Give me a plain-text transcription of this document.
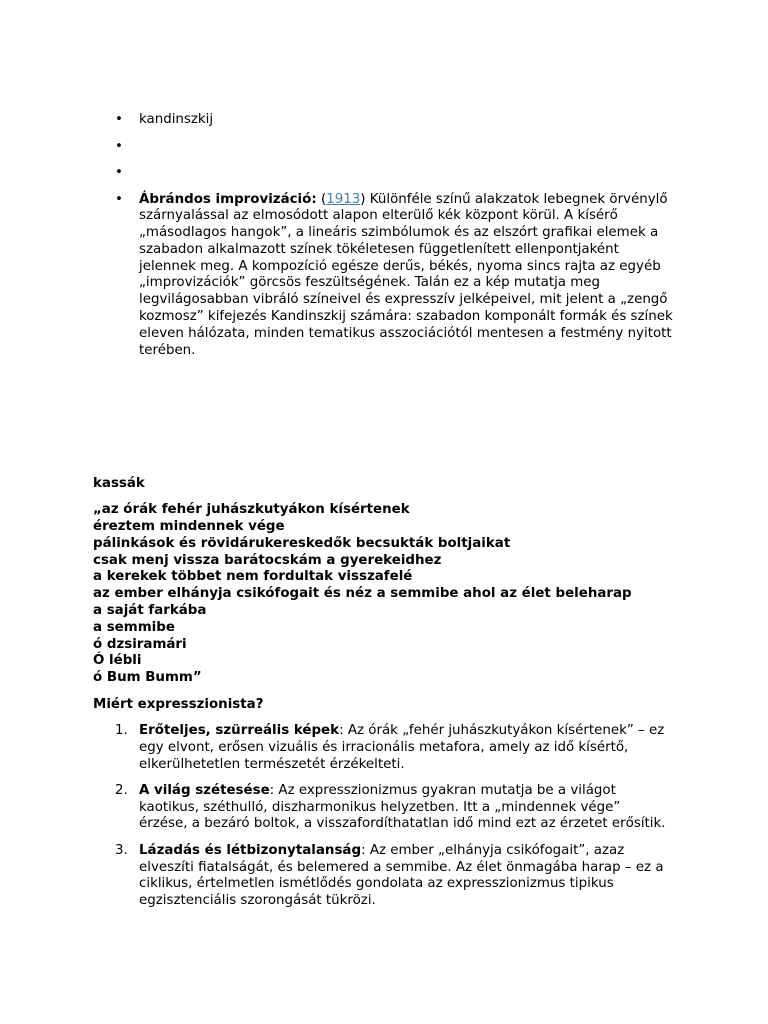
• kandinszkij
•
•
• Ábrándos improvizáció: (1913) Különféle színű alakzatok lebegnek örvénylő szárnyalással az elmosódott alapon elterülő kék központ körül. A kísérő „másodlagos hangok”, a lineáris szimbólumok és az elszórt grafikai elemek a szabadon alkalmazott színek tökéletesen függetlenített ellenpontjaként jelennek meg. A kompozíció egésze derűs, békés, nyoma sincs rajta az egyéb „improvizációk” görcsös feszültségének. Talán ez a kép mutatja meg legvilágosabban vibráló színeivel és expresszív jelképeivel, mit jelent a „zengő kozmosz” kifejezés Kandinszkij számára: szabadon komponált formák és színek eleven hálózata, minden tematikus asszociációtól mentesen a festmény nyitott terében.
kassák
„az órák fehér juhászkutyákon kísértenek
éreztem mindennek vége
pálinkások és rövidárukereskedők becsukták boltjaikat
csak menj vissza barátocskám a gyerekeidhez
a kerekek többet nem fordultak visszafelé
az ember elhányja csikófogait és néz a semmibe ahol az élet beleharap
a saját farkába
a semmibe
ó dzsiramári
Ó lébli
ó Bum Bumm”
Miért expresszionista?
1. Erőteljes, szürreális képek: Az órák „fehér juhászkutyákon kísértenek” – ez egy elvont, erősen vizuális és irracionális metafora, amely az idő kísértő, elkerülhetetlen természetét érzékelteti.
2. A világ szétesése: Az expresszionizmus gyakran mutatja be a világot kaotikus, széthulló, diszharmonikus helyzetben. Itt a „mindennek vége” érzése, a bezáró boltok, a visszafordíthatatlan idő mind ezt az érzetet erősítik.
3. Lázadás és létbizonytalanság: Az ember „elhányja csikófogait”, azaz elveszíti fiatalságát, és belemered a semmibe. Az élet önmagába harap – ez a ciklikus, értelmetlen ismétlődés gondolata az expresszionizmus tipikus egzisztenciális szorongását tükrözi.
